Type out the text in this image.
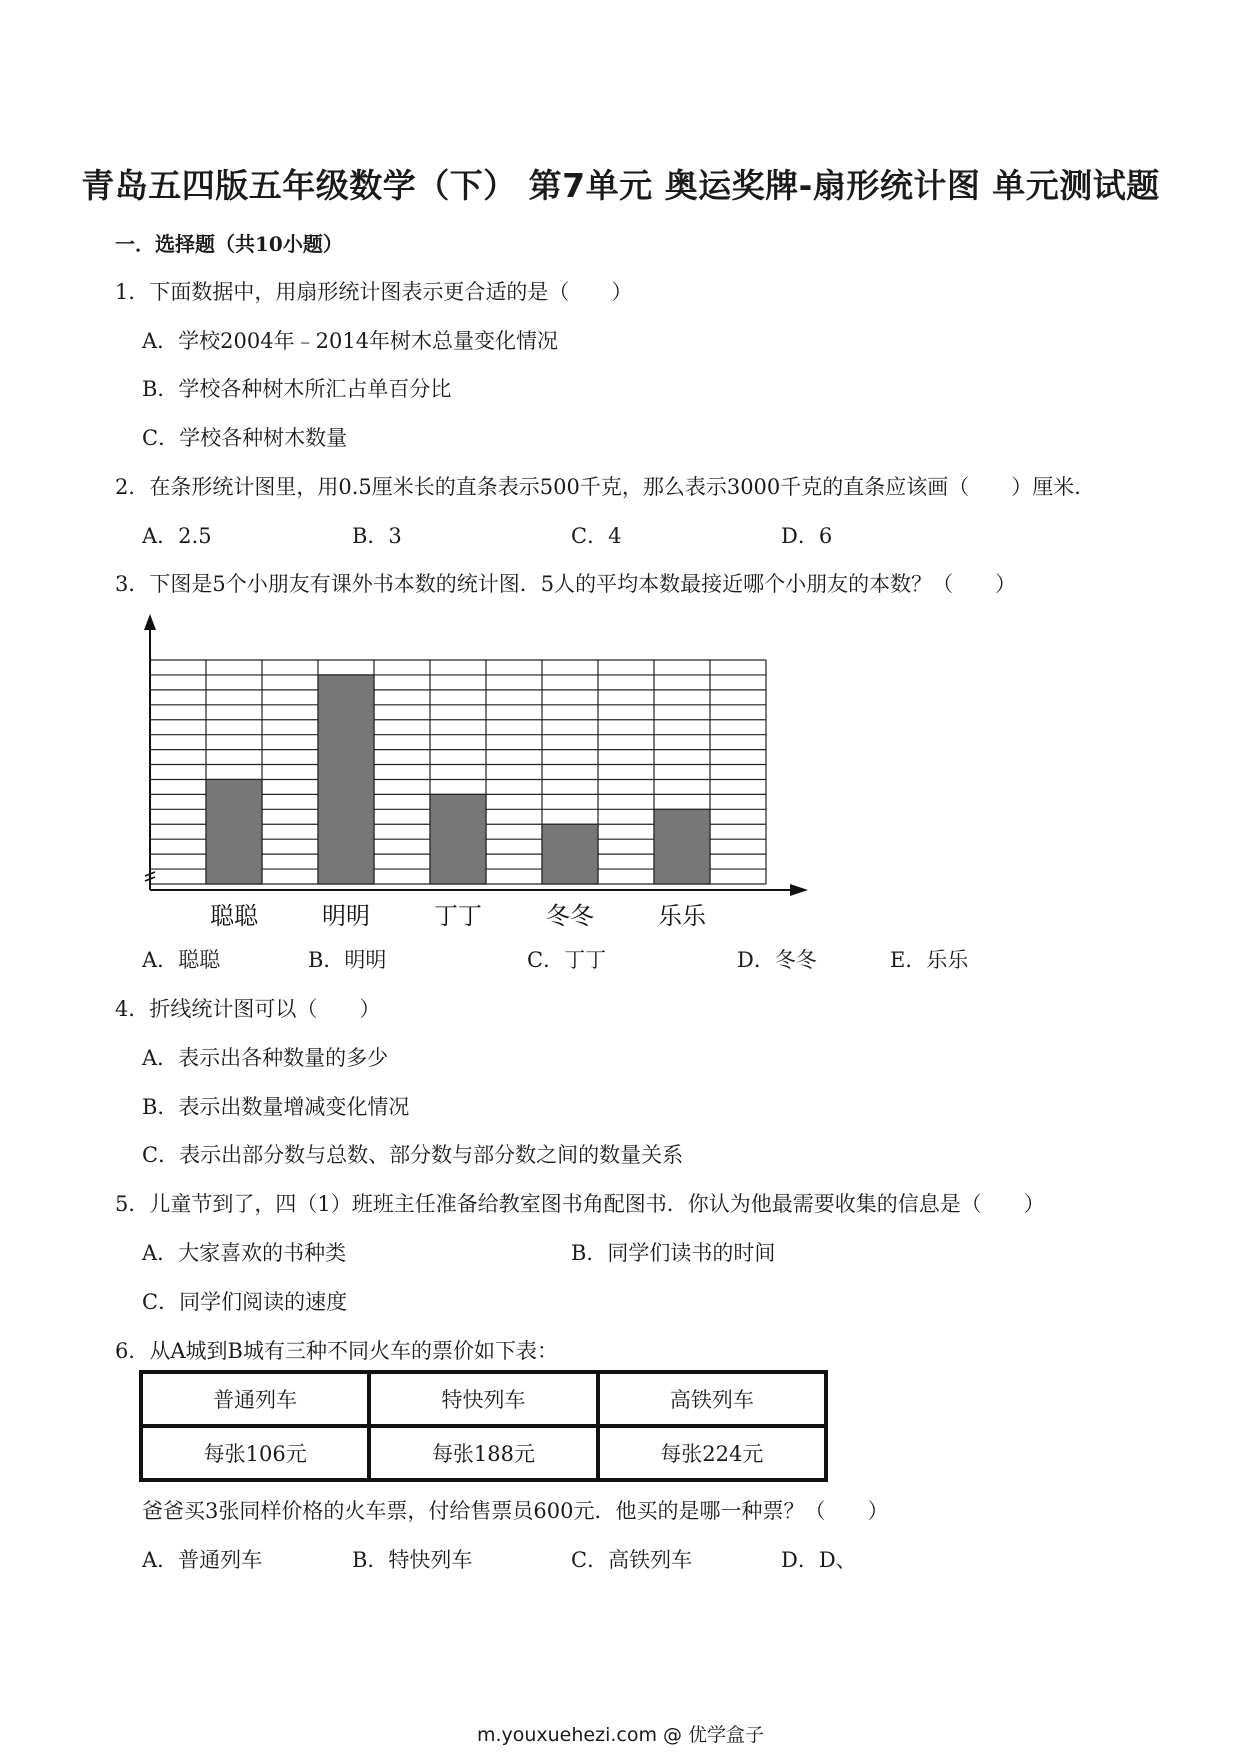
青岛五四版五年级数学（下） 第7单元 奥运奖牌-扇形统计图 单元测试题
一．选择题（共10小题）
1．下面数据中，用扇形统计图表示更合适的是（　　）
A．学校2004年﹣2014年树木总量变化情况
B．学校各种树木所汇占单百分比
C．学校各种树木数量
2．在条形统计图里，用0.5厘米长的直条表示500千克，那么表示3000千克的直条应该画（　　）厘米．
A．2.5	B．3	C．4	D．6
3．下图是5个小朋友有课外书本数的统计图．5人的平均本数最接近哪个小朋友的本数？（　　）
聪聪	明明	丁丁	冬冬	乐乐
A．聪聪	B．明明	C．丁丁	D．冬冬	E．乐乐
4．折线统计图可以（　　）
A．表示出各种数量的多少
B．表示出数量增减变化情况
C．表示出部分数与总数、部分数与部分数之间的数量关系
5．儿童节到了，四（1）班班主任准备给教室图书角配图书．你认为他最需要收集的信息是（　　）
A．大家喜欢的书种类	B．同学们读书的时间
C．同学们阅读的速度
6．从A城到B城有三种不同火车的票价如下表：
普通列车	特快列车	高铁列车
每张106元	每张188元	每张224元
爸爸买3张同样价格的火车票，付给售票员600元．他买的是哪一种票？（　　）
A．普通列车	B．特快列车	C．高铁列车	D．D、
m.youxuehezi.com @ 优学盒子
